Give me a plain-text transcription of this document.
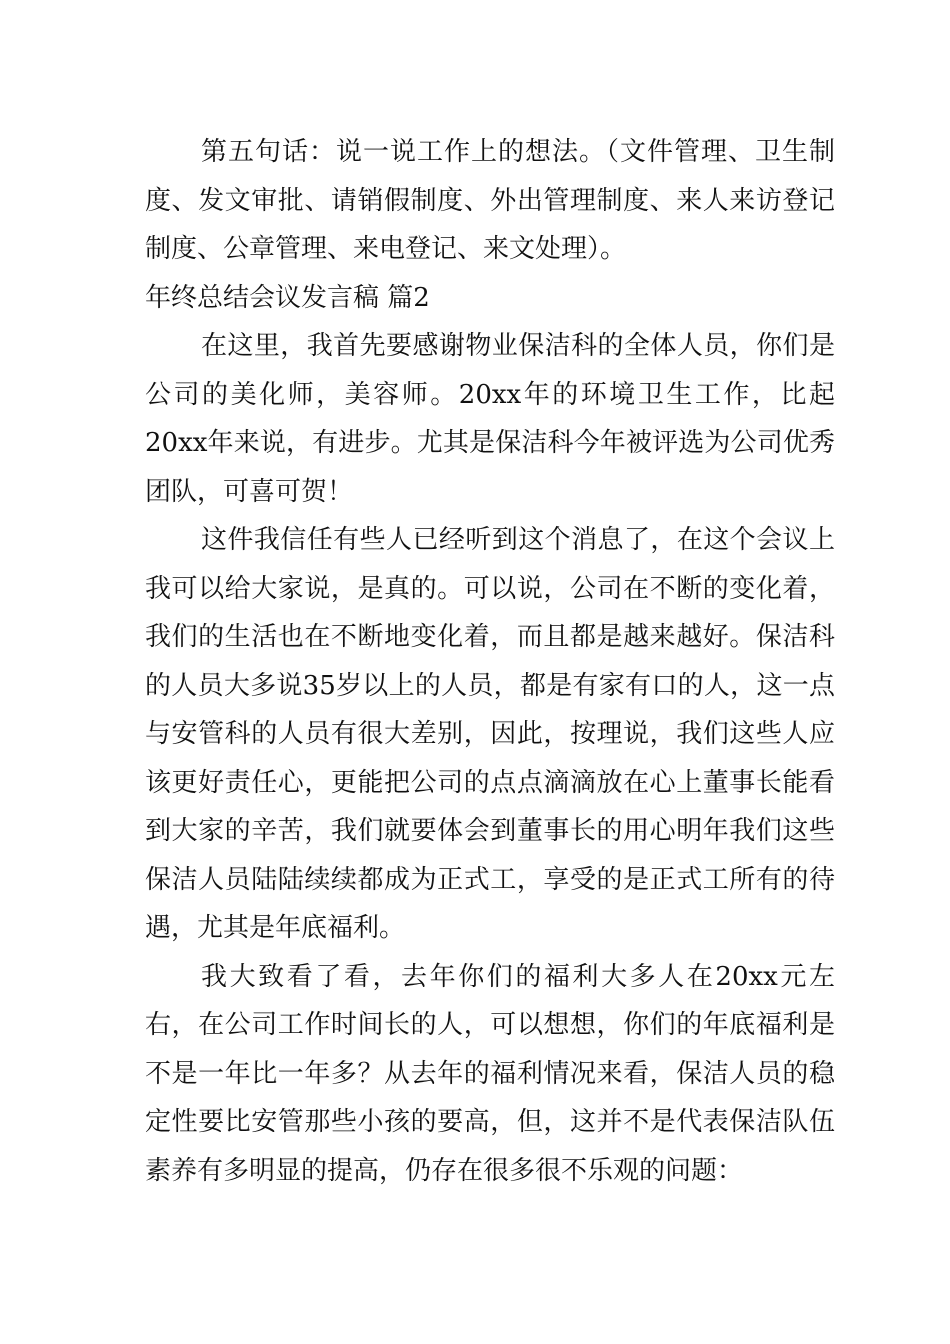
第五句话：说一说工作上的想法。（文件管理、卫生制度、发文审批、请销假制度、外出管理制度、来人来访登记制度、公章管理、来电登记、来文处理）。

年终总结会议发言稿 篇2

在这里，我首先要感谢物业保洁科的全体人员，你们是公司的美化师，美容师。20xx年的环境卫生工作，比起20xx年来说，有进步。尤其是保洁科今年被评选为公司优秀团队，可喜可贺！

这件我信任有些人已经听到这个消息了，在这个会议上我可以给大家说，是真的。可以说，公司在不断的变化着，我们的生活也在不断地变化着，而且都是越来越好。保洁科的人员大多说35岁以上的人员，都是有家有口的人，这一点与安管科的人员有很大差别，因此，按理说，我们这些人应该更好责任心，更能把公司的点点滴滴放在心上董事长能看到大家的辛苦，我们就要体会到董事长的用心明年我们这些保洁人员陆陆续续都成为正式工，享受的是正式工所有的待遇，尤其是年底福利。

我大致看了看，去年你们的福利大多人在20xx元左右，在公司工作时间长的人，可以想想，你们的年底福利是不是一年比一年多？从去年的福利情况来看，保洁人员的稳定性要比安管那些小孩的要高，但，这并不是代表保洁队伍素养有多明显的提高，仍存在很多很不乐观的问题：
